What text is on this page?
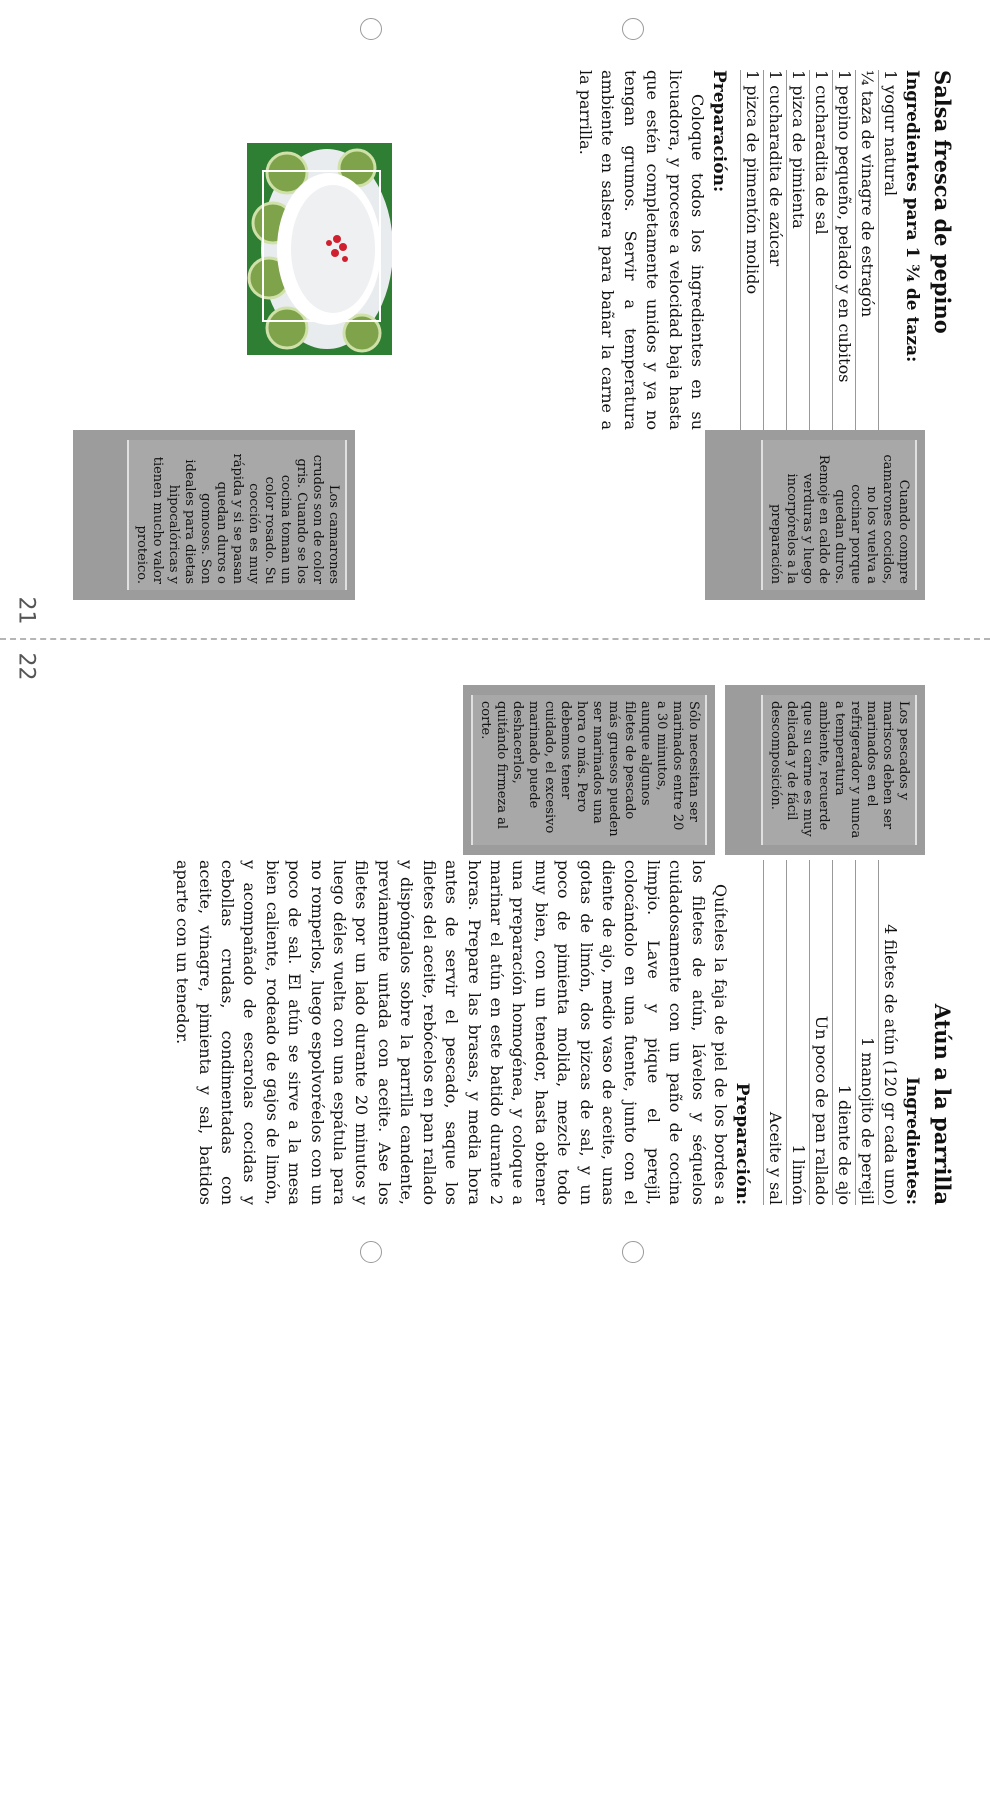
21
22
Salsa fresca de pepino
Ingredientes para 1 ¾ de taza:
1 yogur natural
¼ taza de vinagre de estragón
1 pepino pequeño, pelado y en cubitos
1 cucharadita de sal
1 pizca de pimienta
1 cucharadita de azúcar
1 pizca de pimentón molido
Preparación:
Coloque todos los ingredientes en su licuadora, y procese a velocidad baja hasta que estén completamente unidos y ya no tengan grumos. Servir a temperatura ambiente en salsera para bañar la carne a la parrilla.
Cuando compre camarones cocidos, no los vuelva a cocinar porque quedan duros. Remoje en caldo de verduras y luego incorpórelos a la preparación
Los camarones crudos son de color gris. Cuando se los cocina toman un color rosado. Su cocción es muy rápida y si se pasan quedan duros o gomosos. Son ideales para dietas hipocalóricas y tienen mucho valor proteico.
Los pescados y mariscos deben ser marinados en el refrigerador y nunca a temperatura ambiente, recuerde que su carne es muy delicada y de fácil descomposición.
Sólo necesitan ser marinados entre 20 a 30 minutos, aunque algunos filetes de pescado más gruesos pueden ser marinados una hora o más. Pero debemos tener cuidado, el excesivo marinado puede deshacerlos, quitándo firmeza al corte.
Atún a la parrilla
Ingredientes:
4 filetes de atún (120 gr cada uno)
1 manojito de perejil
1 diente de ajo
Un poco de pan rallado
1 limón
Aceite y sal
Preparación:
Quíteles la faja de piel de los bordes a los filetes de atún, lávelos y séquelos cuidadosamente con un paño de cocina limpio. Lave y pique el perejil, colocándolo en una fuente, junto con el diente de ajo, medio vaso de aceite, unas gotas de limón, dos pizcas de sal, y un poco de pimienta molida, mezcle todo muy bien, con un tenedor, hasta obtener una preparación homogénea, y coloque a marinar el atún en este batido durante 2 horas. Prepare las brasas, y media hora antes de servir el pescado, saque los filetes del aceite, rebócelos en pan rallado y dispóngalos sobre la parrilla candente, previamente untada con aceite. Ase los filetes por un lado durante 20 minutos y luego déles vuelta con una espátula para no romperlos, luego espolvoréelos con un poco de sal. El atún se sirve a la mesa bien caliente, rodeado de gajos de limón, y acompañado de escarolas cocidas y cebollas crudas, condimentadas con aceite, vinagre, pimienta y sal, batidos aparte con un tenedor.
